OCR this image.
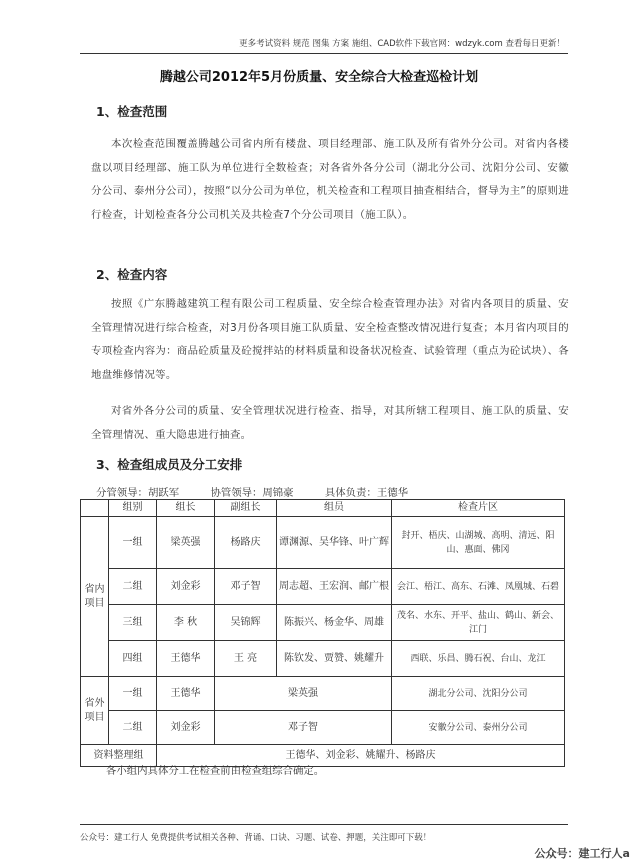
更多考试资料 规范 图集 方案 施组、CAD软件下载官网：wdzyk.com 查看每日更新！
腾越公司2012年5月份质量、安全综合大检查巡检计划
1、检查范围
本次检查范围覆盖腾越公司省内所有楼盘、项目经理部、施工队及所有省外分公司。对省内各楼盘以项目经理部、施工队为单位进行全数检查；对各省外各分公司（湖北分公司、沈阳分公司、安徽分公司、泰州分公司），按照“以分公司为单位，机关检查和工程项目抽查相结合，督导为主”的原则进行检查，计划检查各分公司机关及共检查7个分公司项目（施工队）。
2、检查内容
按照《广东腾越建筑工程有限公司工程质量、安全综合检查管理办法》对省内各项目的质量、安全管理情况进行综合检查，对3月份各项目施工队质量、安全检查整改情况进行复查；本月省内项目的专项检查内容为：商品砼质量及砼搅拌站的材料质量和设备状况检查、试验管理（重点为砼试块）、各地盘维修情况等。
对省外各分公司的质量、安全管理状况进行检查、指导，对其所辖工程项目、施工队的质量、安全管理情况、重大隐患进行抽查。
3、检查组成员及分工安排
分管领导：胡跃军	协管领导：周锦豪	具体负责：王德华
	组别	组长	副组长	组员	检查片区
省内项目	一组	梁英强	杨路庆	谭渊源、吴华锋、叶广辉	封开、梧庆、山湖城、高明、清远、阳山、惠面、佛冈
	二组	刘金彩	邓子智	周志超、王宏润、邮广根	会江、梧江、高东、石滩、凤凰城、石碧
	三组	李 秋	吴锦辉	陈振兴、杨金华、周雄	茂名、水东、开平、盐山、鹤山、新会、江门
	四组	王德华	王 亮	陈钦发、贾赞、姚耀升	西联、乐昌、腾石祝、台山、龙江
省外项目	一组	王德华	梁英强		湖北分公司、沈阳分公司
	二组	刘金彩	邓子智		安徽分公司、泰州分公司
资料整理组		王德华、刘金彩、姚耀升、杨路庆			
各小组内具体分工在检查前由检查组综合确定。
公众号：建工行人 免费提供考试相关各种、背诵、口诀、习题、试卷、押题，关注即可下载！
公众号：建工行人a
